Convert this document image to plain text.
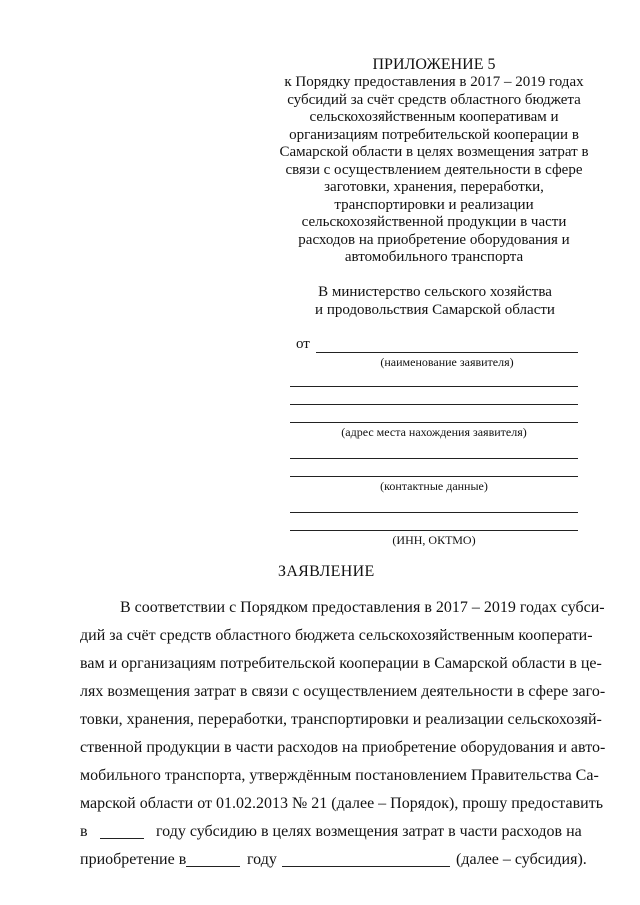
ПРИЛОЖЕНИЕ 5
к Порядку предоставления в 2017 – 2019 годах
субсидий за счёт средств областного бюджета
сельскохозяйственным кооперативам и
организациям потребительской кооперации в
Самарской области в целях возмещения затрат в
связи с осуществлением деятельности в сфере
заготовки, хранения, переработки,
транспортировки и реализации
сельскохозяйственной продукции в части
расходов на приобретение оборудования и
автомобильного транспорта
В министерство сельского хозяйства
и продовольствия Самарской области
от
(наименование заявителя)
(адрес места нахождения заявителя)
(контактные данные)
(ИНН, ОКТМО)
ЗАЯВЛЕНИЕ
В соответствии с Порядком предоставления в 2017 – 2019 годах субси-
дий за счёт средств областного бюджета сельскохозяйственным кооперати-
вам и организациям потребительской кооперации в Самарской области в це-
лях возмещения затрат в связи с осуществлением деятельности в сфере заго-
товки, хранения, переработки, транспортировки и реализации сельскохозяй-
ственной продукции в части расходов на приобретение оборудования и авто-
мобильного транспорта, утверждённым постановлением Правительства Са-
марской области от 01.02.2013 № 21 (далее – Порядок), прошу предоставить
в	году субсидию в целях возмещения затрат в части расходов на
приобретение в	году	(далее – субсидия).
